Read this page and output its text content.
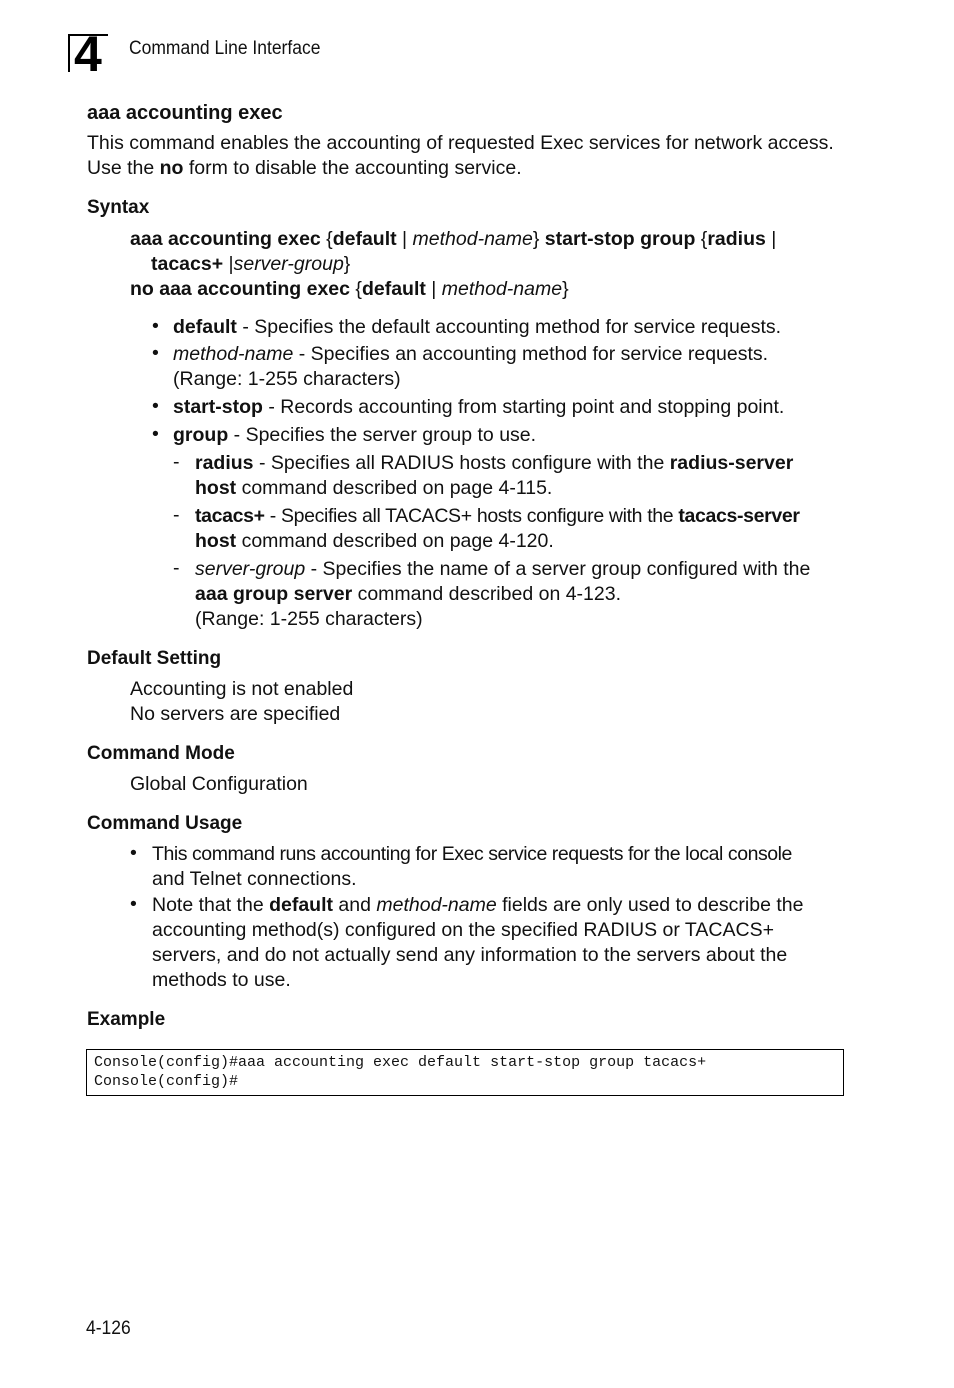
4 Command Line Interface
aaa accounting exec
This command enables the accounting of requested Exec services for network access. Use the no form to disable the accounting service.
Syntax
aaa accounting exec {default | method-name} start-stop group {radius |
tacacs+ |server-group}
no aaa accounting exec {default | method-name}
• default - Specifies the default accounting method for service requests.
• method-name - Specifies an accounting method for service requests.
(Range: 1-255 characters)
• start-stop - Records accounting from starting point and stopping point.
• group - Specifies the server group to use.
- radius - Specifies all RADIUS hosts configure with the radius-server
host command described on page 4-115.
- tacacs+ - Specifies all TACACS+ hosts configure with the tacacs-server
host command described on page 4-120.
- server-group - Specifies the name of a server group configured with the
aaa group server command described on 4-123.
(Range: 1-255 characters)
Default Setting
Accounting is not enabled
No servers are specified
Command Mode
Global Configuration
Command Usage
• This command runs accounting for Exec service requests for the local console
and Telnet connections.
• Note that the default and method-name fields are only used to describe the
accounting method(s) configured on the specified RADIUS or TACACS+
servers, and do not actually send any information to the servers about the
methods to use.
Example
Console(config)#aaa accounting exec default start-stop group tacacs+
Console(config)#
4-126
